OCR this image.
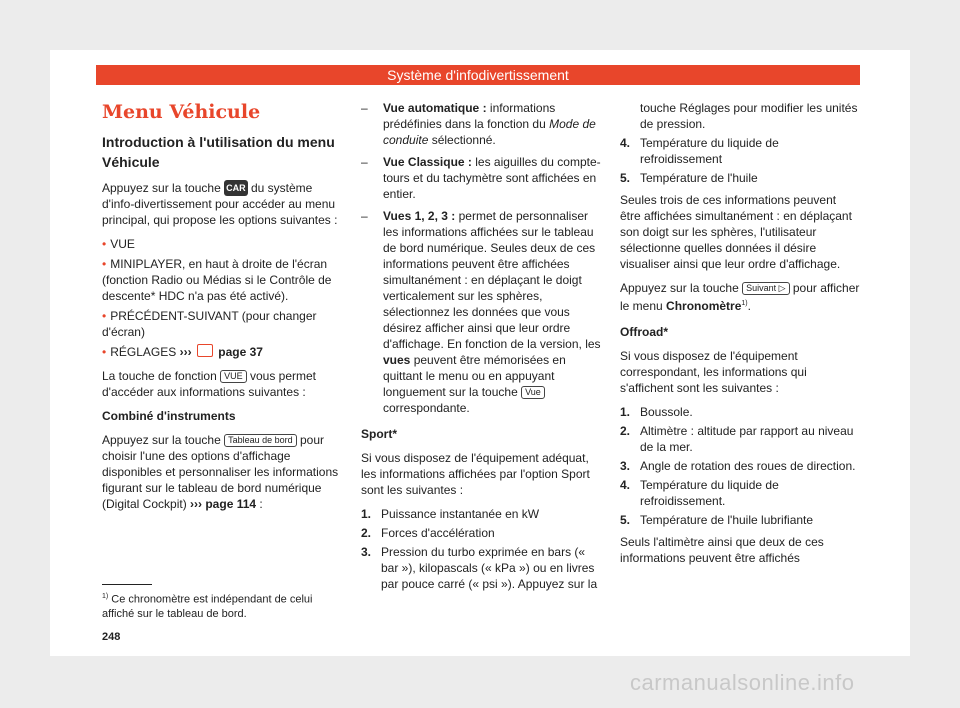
Système d'infodivertissement
Menu Véhicule
Introduction à l'utilisation du menu Véhicule

Appuyez sur la touche CAR du système d'info-divertissement pour accéder au menu principal, qui propose les options suivantes :

• VUE
• MINIPLAYER, en haut à droite de l'écran (fonction Radio ou Médias si le Contrôle de descente* HDC n'a pas été activé).
• PRÉCÉDENT-SUIVANT (pour changer d'écran)
• RÉGLAGES ››› page 37

La touche de fonction VUE vous permet d'accéder aux informations suivantes :

Combiné d'instruments

Appuyez sur la touche Tableau de bord pour choisir l'une des options d'affichage disponibles et personnaliser les informations figurant sur le tableau de bord numérique (Digital Cockpit) ››› page 114 :

–	Vue automatique : informations prédéfinies dans la fonction du Mode de conduite sélectionné.
–	Vue Classique : les aiguilles du compte-tours et du tachymètre sont affichées en entier.
–	Vues 1, 2, 3 : permet de personnaliser les informations affichées sur le tableau de bord numérique. Seules deux de ces informations peuvent être affichées simultanément : en déplaçant le doigt verticalement sur les sphères, sélectionnez les données que vous désirez afficher ainsi que leur ordre d'affichage. En fonction de la version, les vues peuvent être mémorisées en quittant le menu ou en appuyant longuement sur la touche Vue correspondante.

Sport*

Si vous disposez de l'équipement adéquat, les informations affichées par l'option Sport sont les suivantes :

1. Puissance instantanée en kW
2. Forces d'accélération
3. Pression du turbo exprimée en bars (« bar »), kilopascals (« kPa ») ou en livres par pouce carré (« psi »). Appuyez sur la
touche Réglages pour modifier les unités de pression.
4. Température du liquide de refroidissement
5. Température de l'huile

Seules trois de ces informations peuvent être affichées simultanément : en déplaçant son doigt sur les sphères, l'utilisateur sélectionne quelles données il désire visualiser ainsi que leur ordre d'affichage.

Appuyez sur la touche Suivant ▷ pour afficher le menu Chronomètre$^{1)}$.

Offroad*

Si vous disposez de l'équipement correspondant, les informations qui s'affichent sont les suivantes :

1. Boussole.
2. Altimètre : altitude par rapport au niveau de la mer.
3. Angle de rotation des roues de direction.
4. Température du liquide de refroidissement.
5. Température de l'huile lubrifiante

Seuls l'altimètre ainsi que deux de ces informations peuvent être affichés

$^{1)}$ Ce chronomètre est indépendant de celui affiché sur le tableau de bord.
248
carmanualsonline.info
